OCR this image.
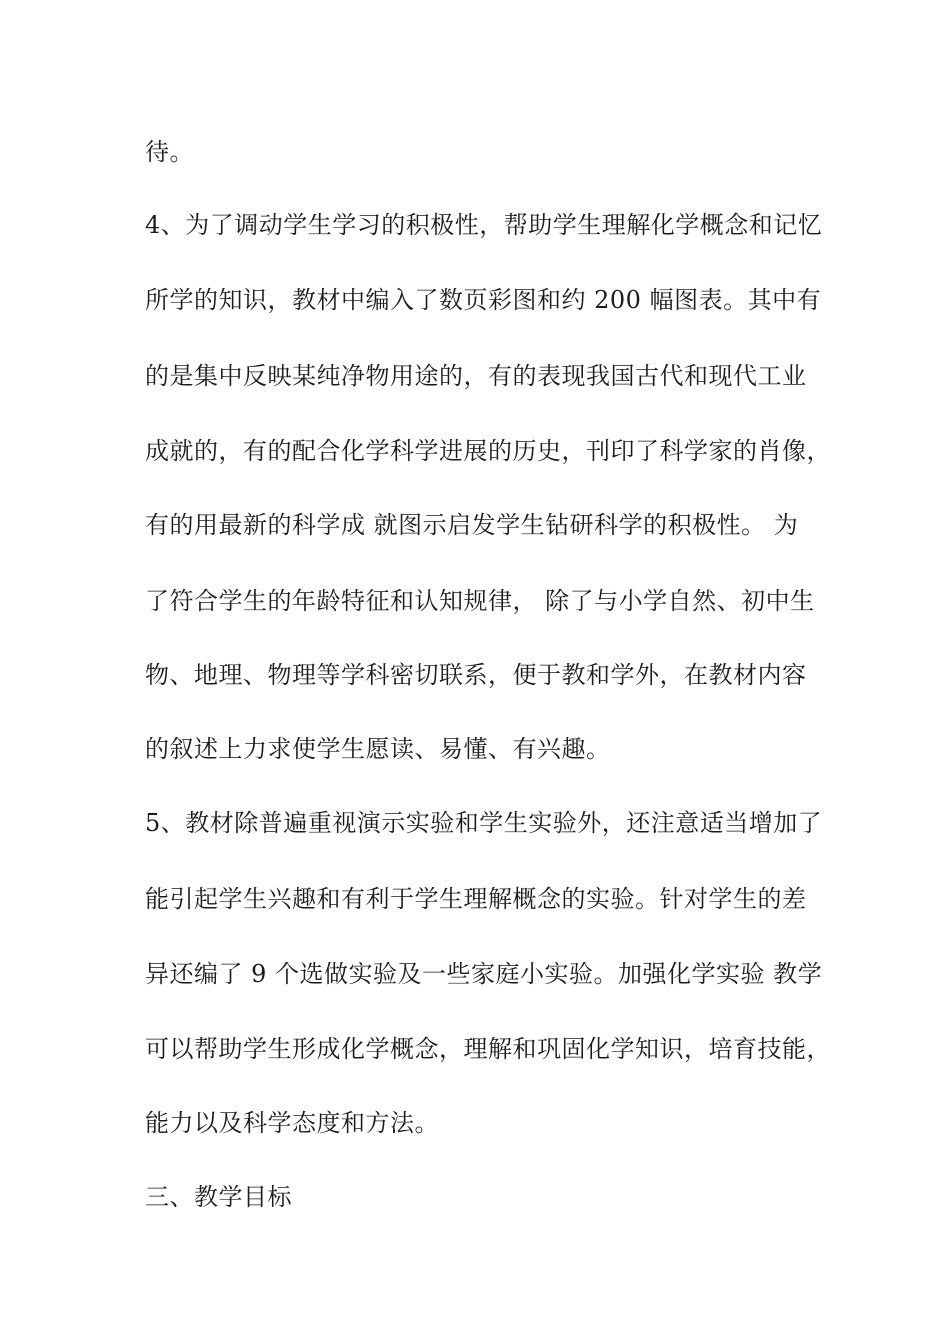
待。
4、为了调动学生学习的积极性，帮助学生理解化学概念和记忆
所学的知识，教材中编入了数页彩图和约 200 幅图表。其中有
的是集中反映某纯净物用途的，有的表现我国古代和现代工业
成就的，有的配合化学科学进展的历史，刊印了科学家的肖像，
有的用最新的科学成 就图示启发学生钻研科学的积极性。 为
了符合学生的年龄特征和认知规律， 除了与小学自然、初中生
物、地理、物理等学科密切联系，便于教和学外，在教材内容
的叙述上力求使学生愿读、易懂、有兴趣。
5、教材除普遍重视演示实验和学生实验外，还注意适当增加了
能引起学生兴趣和有利于学生理解概念的实验。针对学生的差
异还编了 9 个选做实验及一些家庭小实验。加强化学实验 教学
可以帮助学生形成化学概念，理解和巩固化学知识，培育技能，
能力以及科学态度和方法。
三、教学目标
